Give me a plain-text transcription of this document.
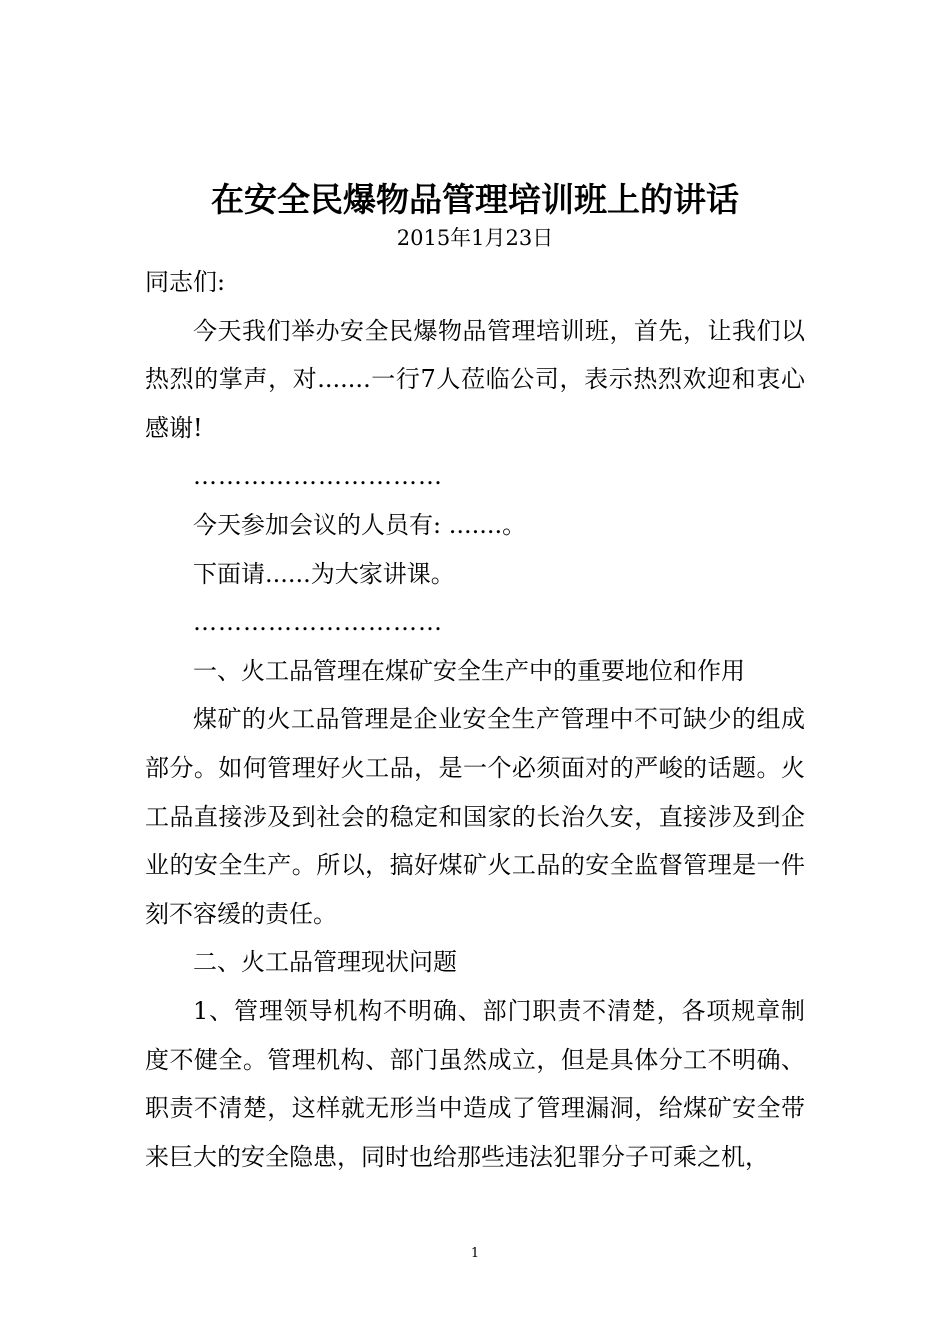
在安全民爆物品管理培训班上的讲话
2015年1月23日

同志们:

今天我们举办安全民爆物品管理培训班，首先，让我们以热烈的掌声，对.......一行7人莅临公司，表示热烈欢迎和衷心感谢!

…………………………

今天参加会议的人员有: .......。

下面请......为大家讲课。

…………………………

一、火工品管理在煤矿安全生产中的重要地位和作用

煤矿的火工品管理是企业安全生产管理中不可缺少的组成部分。如何管理好火工品，是一个必须面对的严峻的话题。火工品直接涉及到社会的稳定和国家的长治久安，直接涉及到企业的安全生产。所以，搞好煤矿火工品的安全监督管理是一件刻不容缓的责任。

二、火工品管理现状问题

1、管理领导机构不明确、部门职责不清楚，各项规章制度不健全。管理机构、部门虽然成立，但是具体分工不明确、职责不清楚，这样就无形当中造成了管理漏洞，给煤矿安全带来巨大的安全隐患，同时也给那些违法犯罪分子可乘之机，

1
